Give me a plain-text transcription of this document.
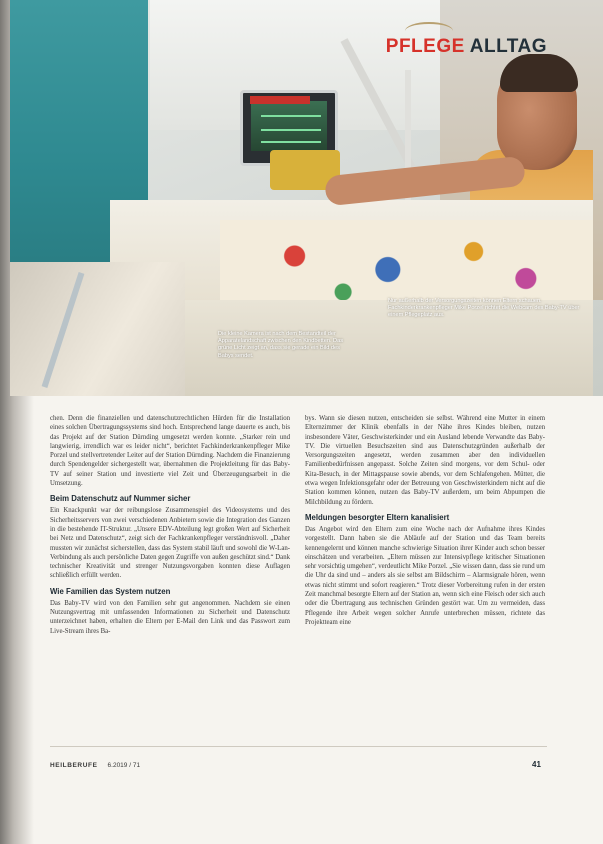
PFLEGE ALLTAG
Die kleine Kamera ist nach dem Bestandteil der Apparatelandschaft zwischen den Kindbetten. Das grüne Licht zeigt an, dass sie gerade ein Bild des Babys sendet.
Nur außerhalb der Versorgungszeiten können Eltern schauen. Fachkinderkrankenpfleger Mike Porzel richtet die Webcam des Baby-TV über einem Pflegeplatz aus.

chen. Denn die finanziellen und datenschutzrechtlichen Hürden für die Installation eines solchen Übertragungssystems sind hoch. Entsprechend lange dauerte es auch, bis das Projekt auf der Station Dürnding umgesetzt werden konnte. „Starker rein und langwierig, irrendlich war es leider nicht“, berichtet Fachkinderkrankenpfleger Mike Porzel und stellvertretender Leiter auf der Station Dürnding. Nachdem die Finanzierung durch Spendengelder sichergestellt war, übernahmen die Projektleitung für das Baby-TV auf seiner Station und investierte viel Zeit und Überzeugungsarbeit in die Umsetzung.

Beim Datenschutz auf Nummer sicher

Ein Knackpunkt war der reibungslose Zusammenspiel des Videosystems und des Sicherheitsservers von zwei verschiedenen Anbietern sowie die Integration des Ganzen in die bestehende IT-Struktur. „Unsere EDV-Abteilung legt großen Wert auf Sicherheit bei Netz und Datenschutz“, zeigt sich der Fachkrankenpfleger verständnisvoll. „Daher mussten wir zunächst sicherstellen, dass das System stabil läuft und sowohl die W-Lan-Verbindung als auch persönliche Daten gegen Zugriffe von außen geschützt sind.“ Dank technischer Kreativität und strenger Nutzungsvorgaben konnten diese Auflagen schließlich erfüllt werden.

Wie Familien das System nutzen

Das Baby-TV wird von den Familien sehr gut angenommen. Nachdem sie einen Nutzungsvertrag mit umfassenden Informationen zu Sicherheit und Datenschutz unterzeichnet haben, erhalten die Eltern per E-Mail den Link und das Passwort zum Live-Stream ihres Ba-

bys. Wann sie diesen nutzen, entscheiden sie selbst. Während eine Mutter in einem Elternzimmer der Klinik ebenfalls in der Nähe ihres Kindes bleiben, nutzen insbesondere Väter, Geschwisterkinder und ein Ausland lebende Verwandte das Baby-TV. Die virtuellen Besuchszeiten sind aus Datenschutzgründen außerhalb der Versorgungszeiten angesetzt, werden zusammen aber den individuellen Familienbedürfnissen angepasst. Solche Zeiten sind morgens, vor dem Schul- oder Kita-Besuch, in der Mittagspause sowie abends, vor dem Schlafengehen. Mütter, die etwa wegen Infektionsgefahr oder der Betreuung von Geschwisterkindern nicht auf die Station kommen können, nutzen das Baby-TV außerdem, um beim Abpumpen die Milchbildung zu fördern.

Meldungen besorgter Eltern kanalisiert

Das Angebot wird den Eltern zum eine Woche nach der Aufnahme ihres Kindes vorgestellt. Dann haben sie die Abläufe auf der Station und das Team bereits kennengelernt und können manche schwierige Situation ihrer Kinder auch schon besser einschätzen und verarbeiten. „Eltern müssen zur Intensivpflege kritischer Situationen sehr vorsichtig umgehen“, verdeutlicht Mike Porzel. „Sie wissen dann, dass sie rund um die Uhr da sind und – anders als sie selbst am Bildschirm – Alarmsignale hören, wenn etwas nicht stimmt und sofort reagieren.“ Trotz dieser Vorbereitung rufen in der ersten Zeit manchmal besorgte Eltern auf der Station an, wenn sich eine Fleisch oder sich auch oder die Übertragung aus technischen Gründen gestört war. Um zu vermeiden, dass Pflegende ihre Arbeit wegen solcher Anrufe unterbrechen müssen, richtete das Projektteam eine

HEILBERUFE 6.2019 / 71	41
